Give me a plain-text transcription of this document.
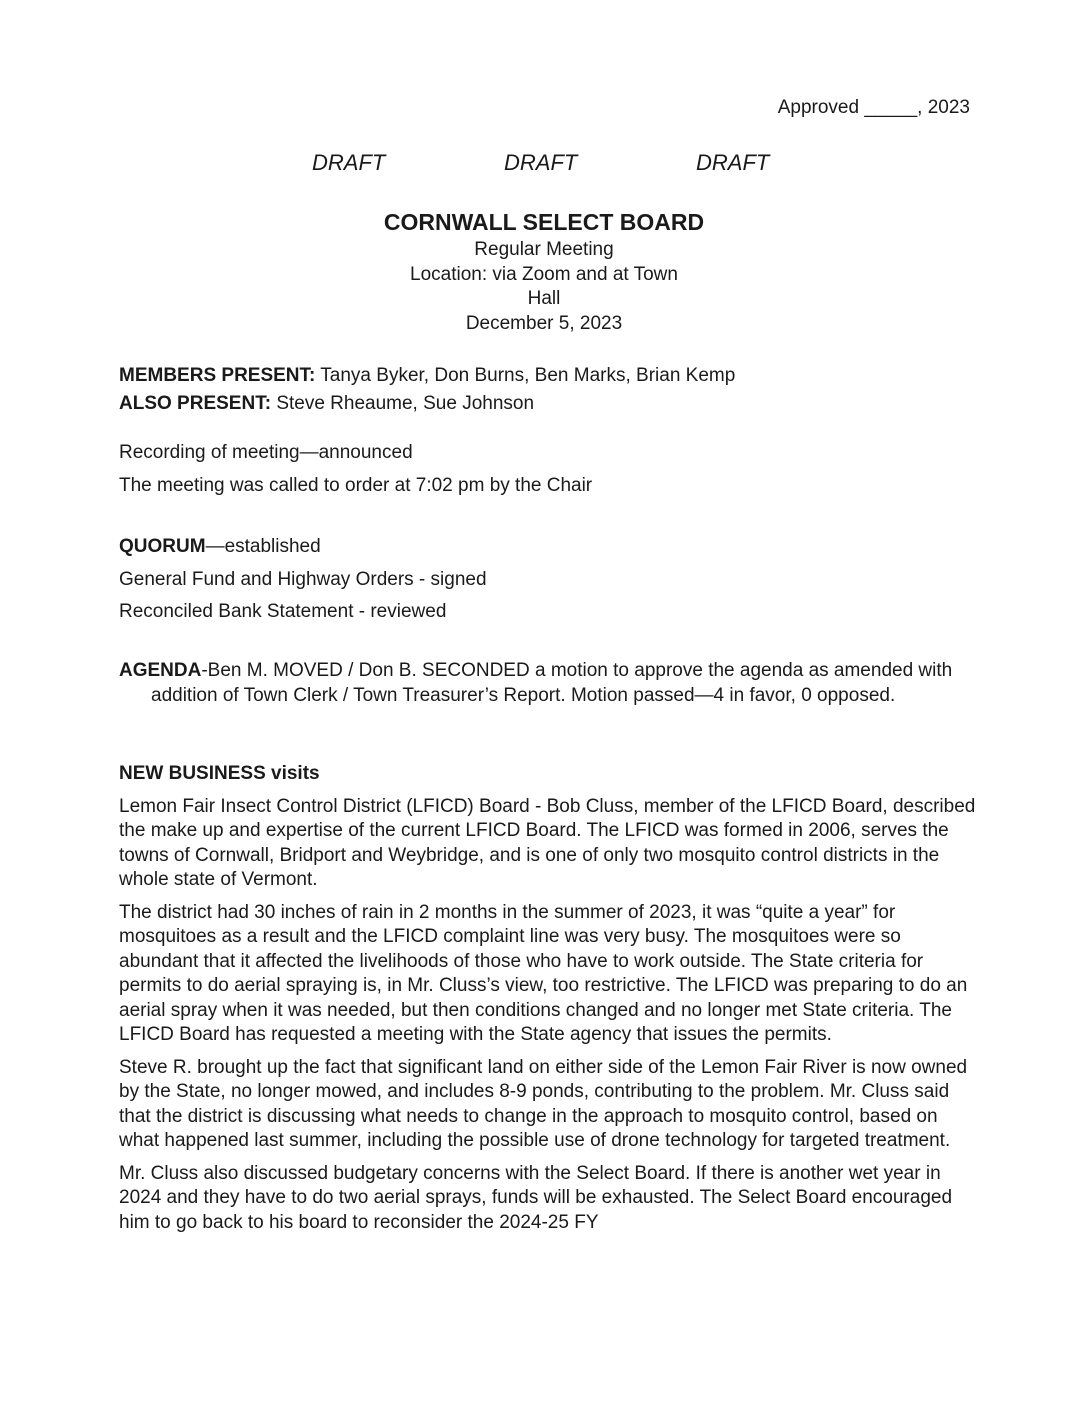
Approved _____, 2023
DRAFT	DRAFT	DRAFT
CORNWALL SELECT BOARD
Regular Meeting
Location: via Zoom and at Town
Hall
December 5, 2023

MEMBERS PRESENT: Tanya Byker, Don Burns, Ben Marks, Brian Kemp

ALSO PRESENT: Steve Rheaume, Sue Johnson

Recording of meeting—announced

The meeting was called to order at 7:02 pm by the Chair

QUORUM—established

General Fund and Highway Orders - signed

Reconciled Bank Statement - reviewed

AGENDA-Ben M. MOVED / Don B. SECONDED a motion to approve the agenda as amended with addition of Town Clerk / Town Treasurer’s Report. Motion passed—4 in favor, 0 opposed.

NEW BUSINESS visits

Lemon Fair Insect Control District (LFICD) Board - Bob Cluss, member of the LFICD Board, described the make up and expertise of the current LFICD Board. The LFICD was formed in 2006, serves the towns of Cornwall, Bridport and Weybridge, and is one of only two mosquito control districts in the whole state of Vermont.

The district had 30 inches of rain in 2 months in the summer of 2023, it was “quite a year” for mosquitoes as a result and the LFICD complaint line was very busy. The mosquitoes were so abundant that it affected the livelihoods of those who have to work outside. The State criteria for permits to do aerial spraying is, in Mr. Cluss’s view, too restrictive. The LFICD was preparing to do an aerial spray when it was needed, but then conditions changed and no longer met State criteria. The LFICD Board has requested a meeting with the State agency that issues the permits.

Steve R. brought up the fact that significant land on either side of the Lemon Fair River is now owned by the State, no longer mowed, and includes 8-9 ponds, contributing to the problem. Mr. Cluss said that the district is discussing what needs to change in the approach to mosquito control, based on what happened last summer, including the possible use of drone technology for targeted treatment.

Mr. Cluss also discussed budgetary concerns with the Select Board. If there is another wet year in 2024 and they have to do two aerial sprays, funds will be exhausted. The Select Board encouraged him to go back to his board to reconsider the 2024-25 FY
